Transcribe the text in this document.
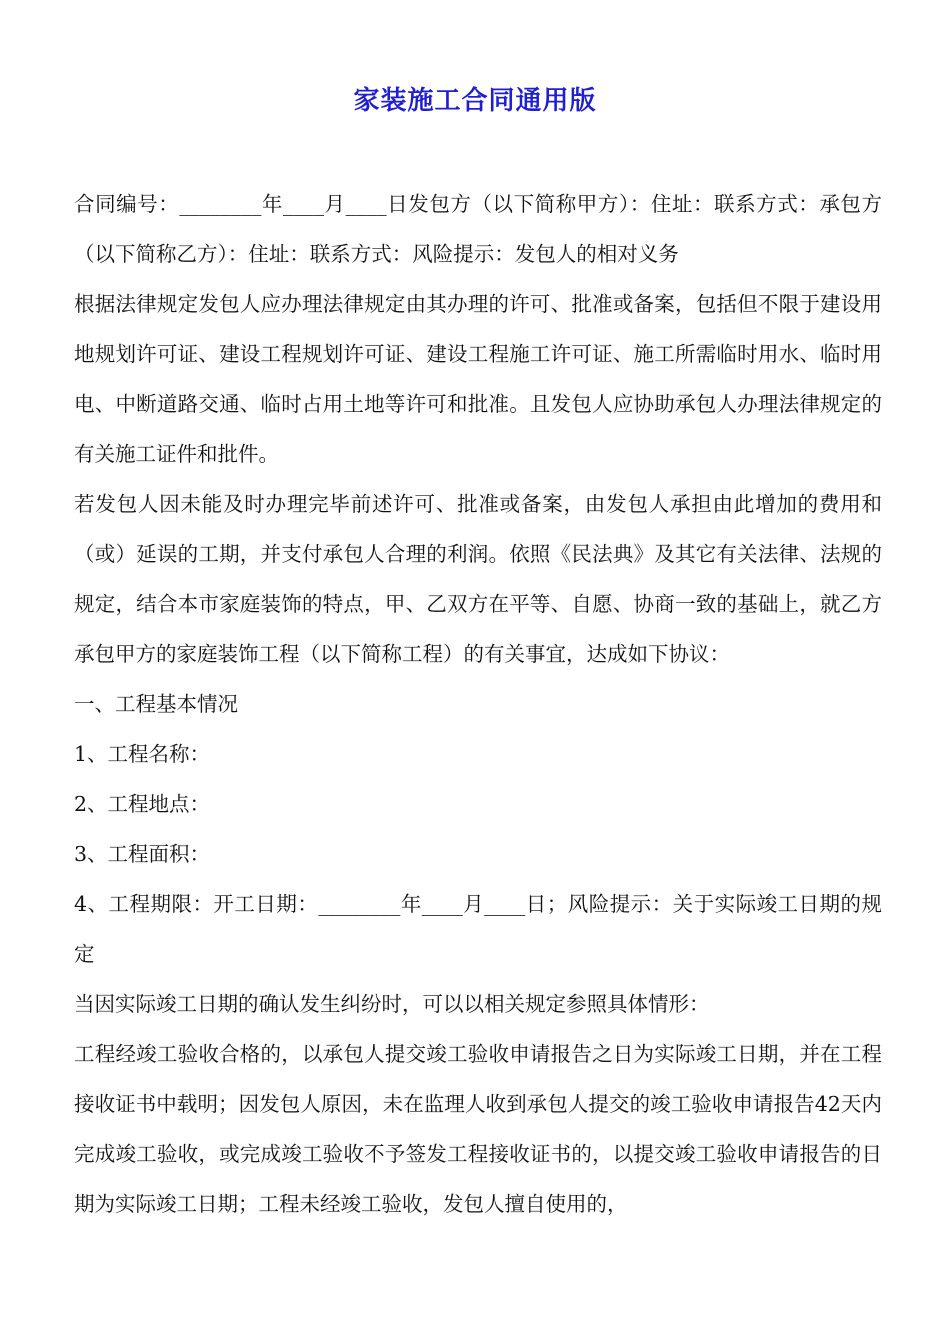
家装施工合同通用版

合同编号：________年____月____日发包方（以下简称甲方）：住址：联系方式：承包方（以下简称乙方）：住址：联系方式：风险提示：发包人的相对义务

根据法律规定发包人应办理法律规定由其办理的许可、批准或备案，包括但不限于建设用地规划许可证、建设工程规划许可证、建设工程施工许可证、施工所需临时用水、临时用电、中断道路交通、临时占用土地等许可和批准。且发包人应协助承包人办理法律规定的有关施工证件和批件。

若发包人因未能及时办理完毕前述许可、批准或备案，由发包人承担由此增加的费用和（或）延误的工期，并支付承包人合理的利润。依照《民法典》及其它有关法律、法规的规定，结合本市家庭装饰的特点，甲、乙双方在平等、自愿、协商一致的基础上，就乙方承包甲方的家庭装饰工程（以下简称工程）的有关事宜，达成如下协议：

一、工程基本情况

1、工程名称：

2、工程地点：

3、工程面积：

4、工程期限：开工日期：________年____月____日；风险提示：关于实际竣工日期的规定

当因实际竣工日期的确认发生纠纷时，可以以相关规定参照具体情形：

工程经竣工验收合格的，以承包人提交竣工验收申请报告之日为实际竣工日期，并在工程接收证书中载明；因发包人原因，未在监理人收到承包人提交的竣工验收申请报告42天内完成竣工验收，或完成竣工验收不予签发工程接收证书的，以提交竣工验收申请报告的日期为实际竣工日期；工程未经竣工验收，发包人擅自使用的，
